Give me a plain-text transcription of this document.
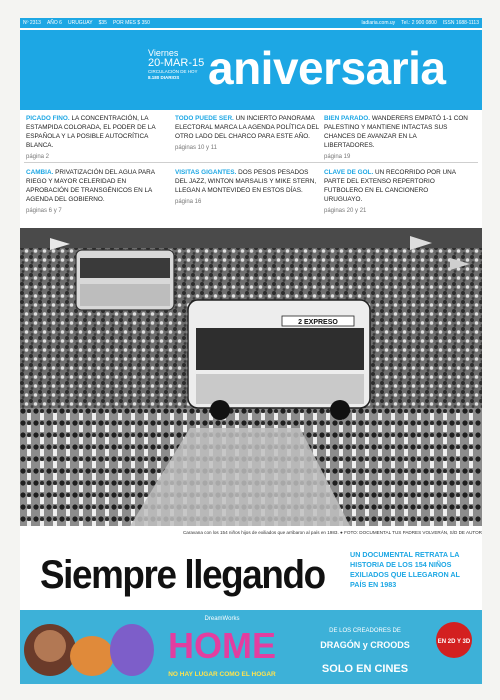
Nº 2313 AÑO 6 URUGUAY $35 POR MES $ 350	ladiaria.com.uy Tel.: 2 900 0800 ISSN 1688-1113
Viernes
20-MAR-15
CIRCULACIÓN DE HOY
8.180 DIARIOS aniversaria
PICADO FINO. LA CONCENTRACIÓN, LA ESTAMPIDA COLORADA, EL PODER DE LA ESPAÑOLA Y LA POSIBLE AUTOCRÍTICA BLANCA.
página 2
TODO PUEDE SER. UN INCIERTO PANORAMA ELECTORAL MARCA LA AGENDA POLÍTICA DEL OTRO LADO DEL CHARCO PARA ESTE AÑO.
páginas 10 y 11
BIEN PARADO. WANDERERS EMPATÓ 1-1 CON PALESTINO Y MANTIENE INTACTAS SUS CHANCES DE AVANZAR EN LA LIBERTADORES.
página 19
CAMBIA. PRIVATIZACIÓN DEL AGUA PARA RIEGO Y MAYOR CELERIDAD EN APROBACIÓN DE TRANSGÉNICOS EN LA AGENDA DEL GOBIERNO.
páginas 6 y 7
VISITAS GIGANTES. DOS PESOS PESADOS DEL JAZZ, WINTON MARSALIS Y MIKE STERN, LLEGAN A MONTEVIDEO EN ESTOS DÍAS.
página 16
CLAVE DE GOL. UN RECORRIDO POR UNA PARTE DEL EXTENSO REPERTORIO FUTBOLERO EN EL CANCIONERO URUGUAYO.
páginas 20 y 21
2 EXPRESO
Caravana con los 154 niños hijos de exiliados que arribaron al país en 1983. ● FOTO: DOCUMENTAL TUS PADRES VOLVERÁN, S/D DE AUTOR
Siempre llegando	UN DOCUMENTAL RETRATA LA HISTORIA DE LOS 154 NIÑOS EXILIADOS QUE LLEGARON AL PAÍS EN 1983
DreamWorks
HOME
NO HAY LUGAR COMO EL HOGAR
DE LOS CREADORES DE
DRAGÓN y CROODS
SOLO EN CINES
EN 2D Y 3D
